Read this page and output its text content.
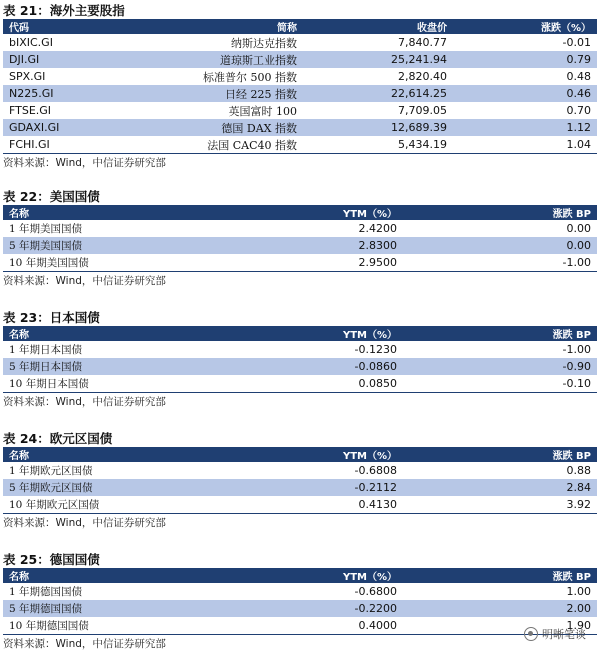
表 21：海外主要股指
代码	简称	收盘价	涨跌（%）
bIXIC.GI	纳斯达克指数	7,840.77	-0.01
DJI.GI	道琼斯工业指数	25,241.94	0.79
SPX.GI	标准普尔 500 指数	2,820.40	0.48
N225.GI	日经 225 指数	22,614.25	0.46
FTSE.GI	英国富时 100	7,709.05	0.70
GDAXI.GI	德国 DAX 指数	12,689.39	1.12
FCHI.GI	法国 CAC40 指数	5,434.19	1.04
资料来源：Wind，中信证券研究部
表 22：美国国债
名称	YTM（%）	涨跌 BP
1 年期美国国债	2.4200	0.00
5 年期美国国债	2.8300	0.00
10 年期美国国债	2.9500	-1.00
资料来源：Wind，中信证券研究部
表 23：日本国债
名称	YTM（%）	涨跌 BP
1 年期日本国债	-0.1230	-1.00
5 年期日本国债	-0.0860	-0.90
10 年期日本国债	0.0850	-0.10
资料来源：Wind，中信证券研究部
表 24：欧元区国债
名称	YTM（%）	涨跌 BP
1 年期欧元区国债	-0.6808	0.88
5 年期欧元区国债	-0.2112	2.84
10 年期欧元区国债	0.4130	3.92
资料来源：Wind，中信证券研究部
表 25：德国国债
名称	YTM（%）	涨跌 BP
1 年期德国国债	-0.6800	1.00
5 年期德国国债	-0.2200	2.00
10 年期德国国债	0.4000	1.90
资料来源：Wind，中信证券研究部
明晰笔谈
